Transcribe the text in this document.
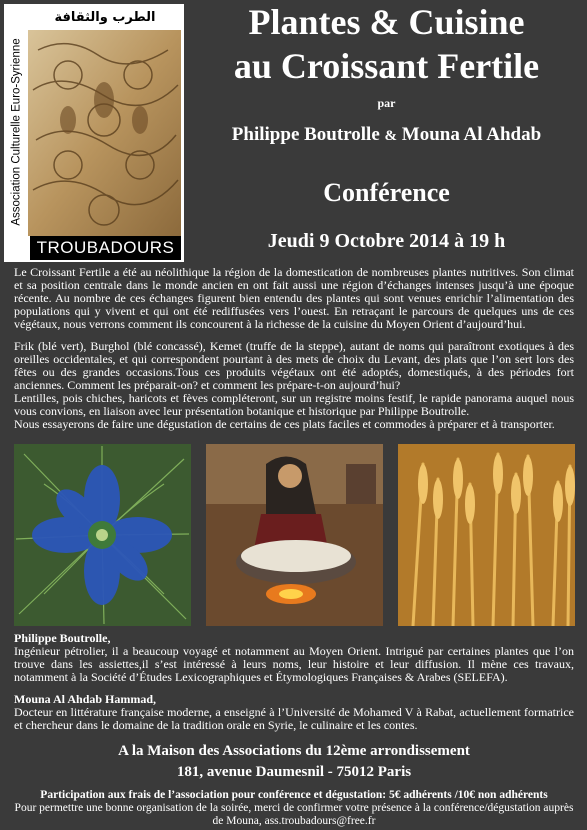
الطرب والثقافة
Association Culturelle Euro-Syrienne
TROUBADOURS
Plantes & Cuisine
au Croissant Fertile
par
Philippe Boutrolle & Mouna Al Ahdab
Conférence
Jeudi 9 Octobre 2014 à 19 h

Le Croissant Fertile a été au néolithique la région de la domestication de nombreuses plantes nutritives. Son climat et sa position centrale dans le monde ancien en ont fait aussi une région d’échanges intenses jusqu’à une époque récente. Au nombre de ces échanges figurent bien entendu des plantes qui sont venues enrichir l’alimentation des populations qui y vivent et qui ont été rediffusées vers l’ouest. En retraçant le parcours de quelques uns de ces végétaux, nous verrons comment ils concourent à la richesse de la cuisine du Moyen Orient d’aujourd’hui.

Frik (blé vert), Burghol (blé concassé), Kemet (truffe de la steppe), autant de noms qui paraîtront exotiques à des oreilles occidentales, et qui correspondent pourtant à des mets de choix du Levant, des plats que l’on sert lors des fêtes ou des grandes occasions.Tous ces produits végétaux ont été adoptés, domestiqués, à des périodes fort anciennes. Comment les préparait-on? et comment les prépare-t-on aujourd’hui?
Lentilles, pois chiches, haricots et fèves compléteront, sur un registre moins festif, le rapide panorama auquel nous vous convions, en liaison avec leur présentation botanique et historique par Philippe Boutrolle.
Nous essayerons de faire une dégustation de certains de ces plats faciles et commodes à préparer et à transporter.
Philippe Boutrolle,
Ingénieur pétrolier, il a beaucoup voyagé et notamment au Moyen Orient. Intrigué par certaines plantes que l’on trouve dans les assiettes,il s’est intéressé à leurs noms, leur histoire et leur diffusion. Il mène ces travaux, notamment à la Société d’Études Lexicographiques et Étymologiques Françaises & Arabes (SELEFA).
Mouna Al Ahdab Hammad,
Docteur en littérature française moderne, a enseigné à l’Université de Mohamed V à Rabat, actuellement formatrice et chercheur dans le domaine de la tradition orale en Syrie, le culinaire et les contes.
A la Maison des Associations du 12ème arrondissement
181, avenue Daumesnil - 75012 Paris
Participation aux frais de l’association pour conférence et dégustation: 5€ adhérents /10€ non adhérents
Pour permettre une bonne organisation de la soirée, merci de confirmer votre présence à la conférence/dégustation auprès de Mouna, ass.troubadours@free.fr
